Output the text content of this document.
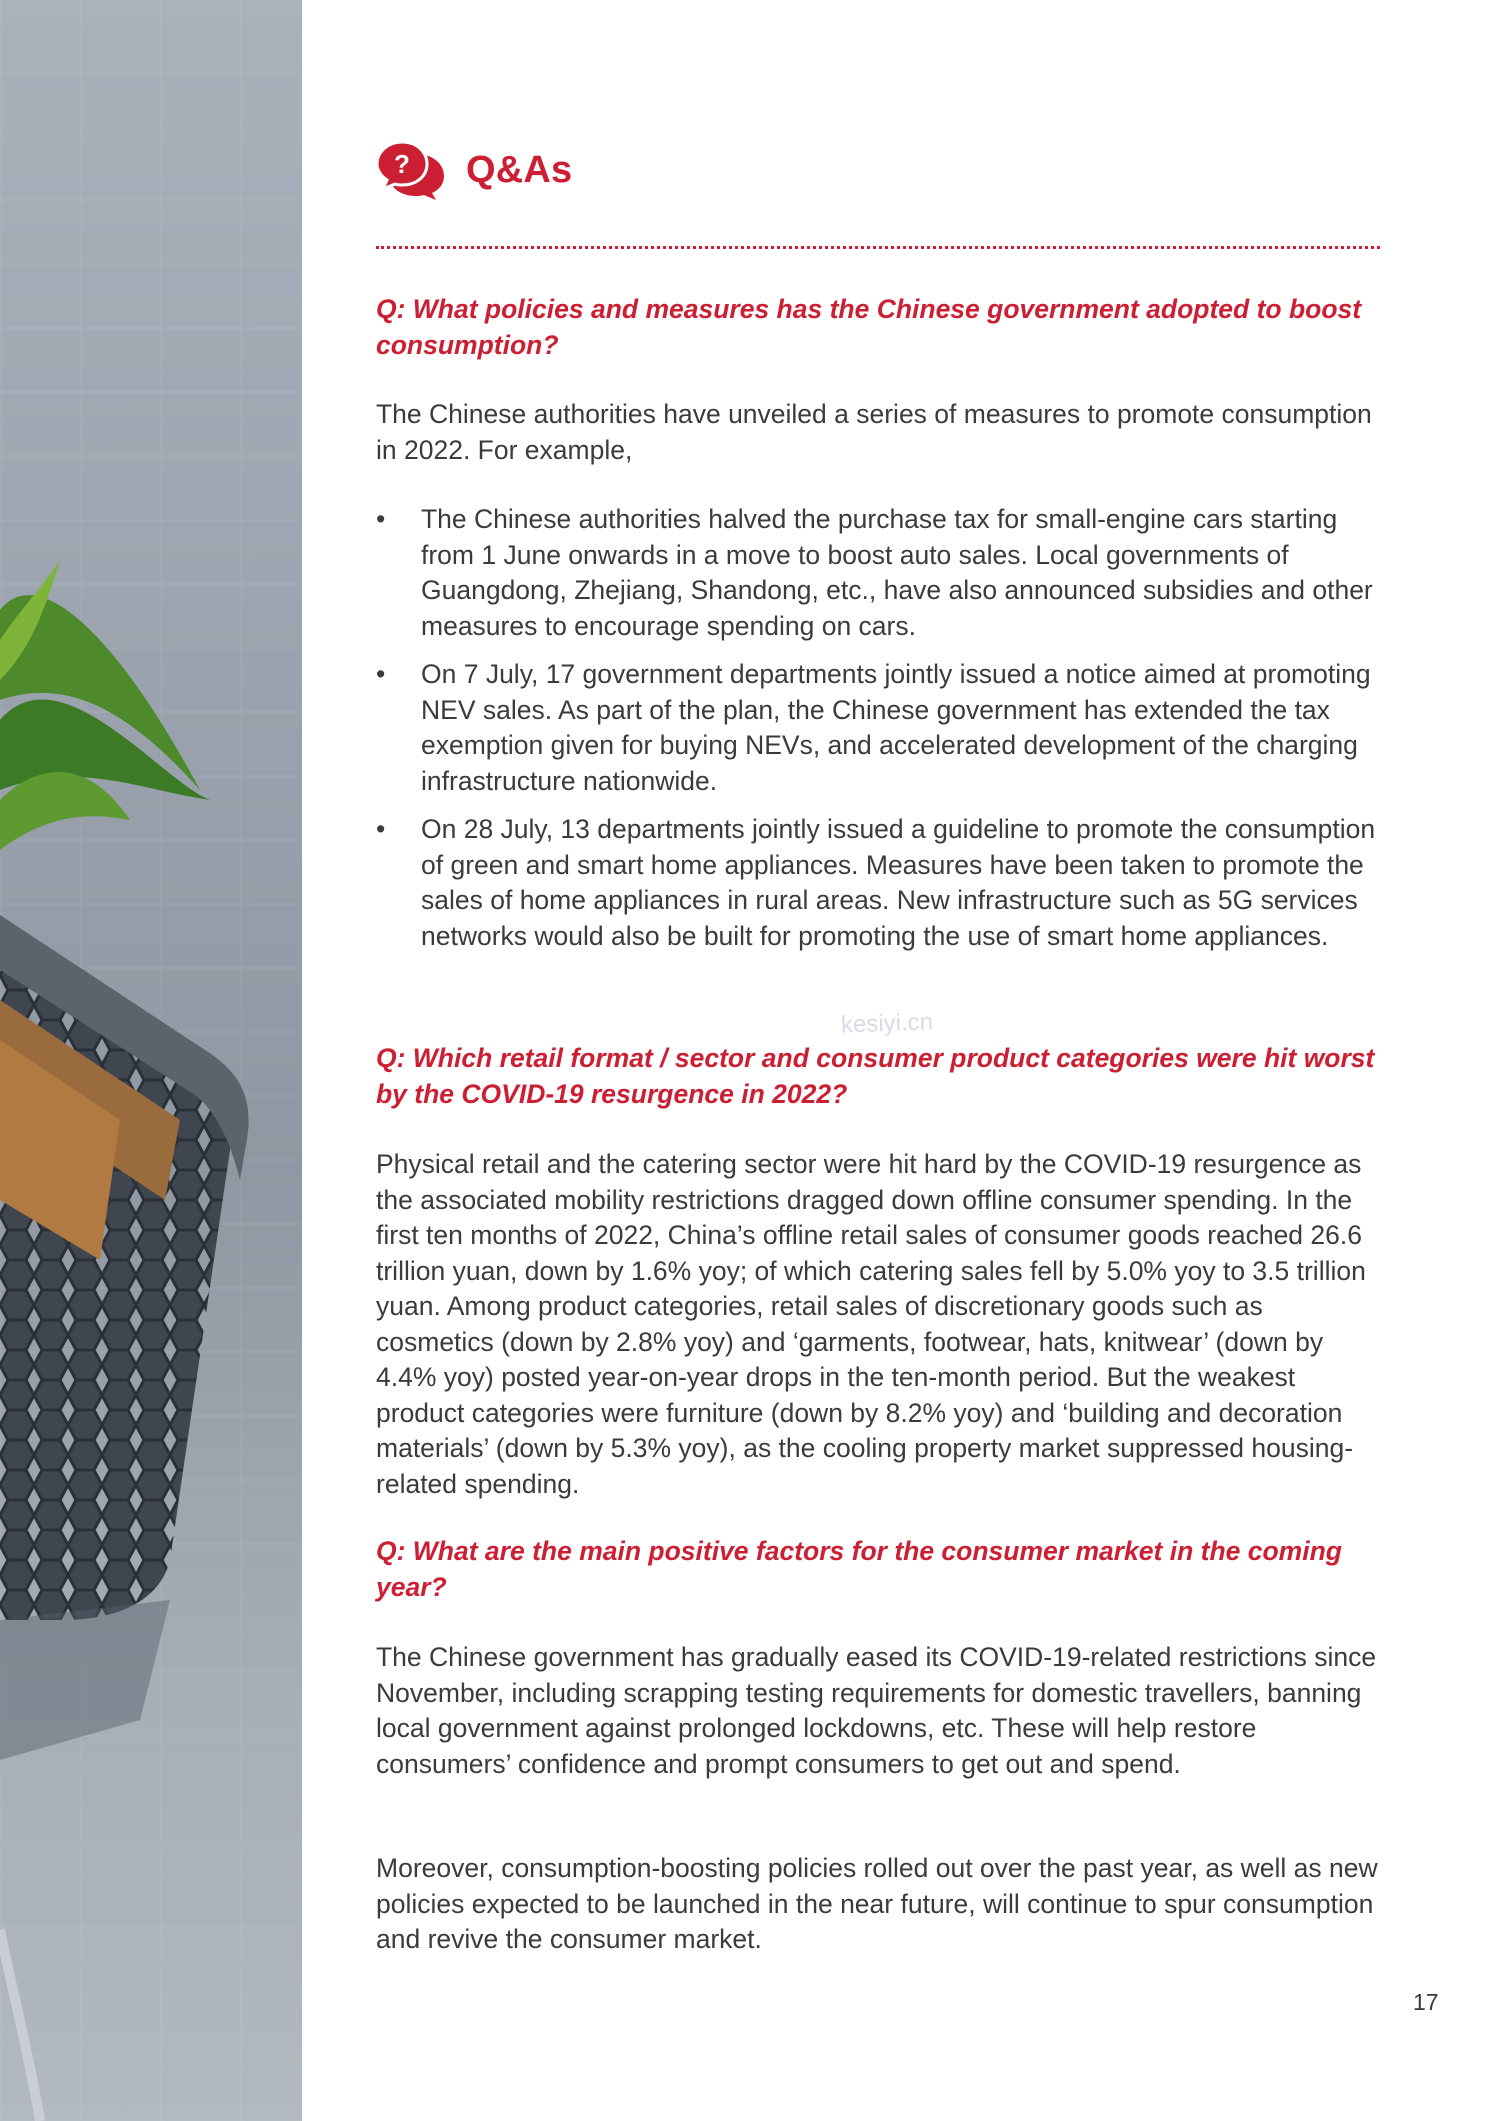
? Q&As
Q: What policies and measures has the Chinese government adopted to boost consumption?
The Chinese authorities have unveiled a series of measures to promote consumption in 2022. For example,
• The Chinese authorities halved the purchase tax for small-engine cars starting from 1 June onwards in a move to boost auto sales. Local governments of Guangdong, Zhejiang, Shandong, etc., have also announced subsidies and other measures to encourage spending on cars.
• On 7 July, 17 government departments jointly issued a notice aimed at promoting NEV sales. As part of the plan, the Chinese government has extended the tax exemption given for buying NEVs, and accelerated development of the charging infrastructure nationwide.
• On 28 July, 13 departments jointly issued a guideline to promote the consumption of green and smart home appliances. Measures have been taken to promote the sales of home appliances in rural areas. New infrastructure such as 5G services networks would also be built for promoting the use of smart home appliances.
kesiyi.cn
Q: Which retail format / sector and consumer product categories were hit worst by the COVID-19 resurgence in 2022?
Physical retail and the catering sector were hit hard by the COVID-19 resurgence as the associated mobility restrictions dragged down offline consumer spending. In the first ten months of 2022, China’s offline retail sales of consumer goods reached 26.6 trillion yuan, down by 1.6% yoy; of which catering sales fell by 5.0% yoy to 3.5 trillion yuan. Among product categories, retail sales of discretionary goods such as cosmetics (down by 2.8% yoy) and ‘garments, footwear, hats, knitwear’ (down by 4.4% yoy) posted year-on-year drops in the ten-month period. But the weakest product categories were furniture (down by 8.2% yoy) and ‘building and decoration materials’ (down by 5.3% yoy), as the cooling property market suppressed housing-related spending.
Q: What are the main positive factors for the consumer market in the coming year?
The Chinese government has gradually eased its COVID-19-related restrictions since November, including scrapping testing requirements for domestic travellers, banning local government against prolonged lockdowns, etc. These will help restore consumers’ confidence and prompt consumers to get out and spend.
Moreover, consumption-boosting policies rolled out over the past year, as well as new policies expected to be launched in the near future, will continue to spur consumption and revive the consumer market.
17
